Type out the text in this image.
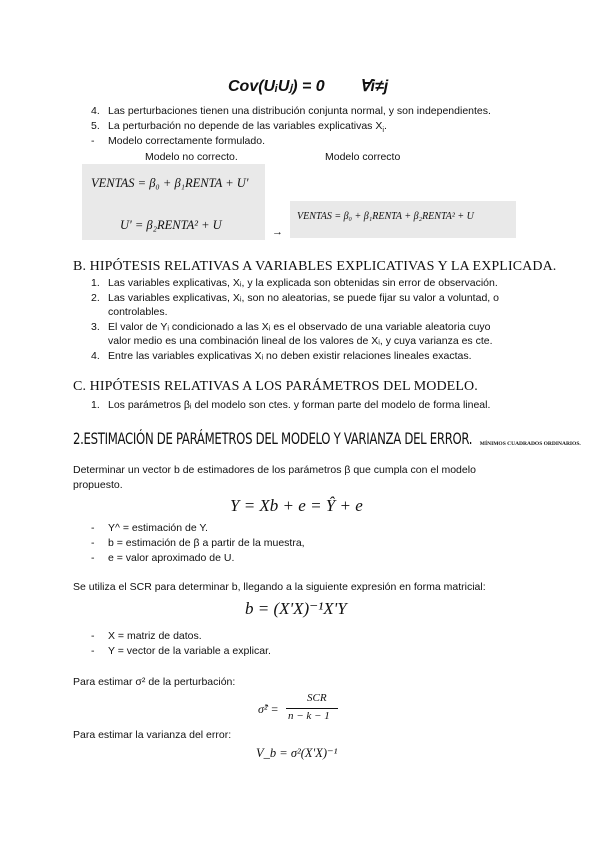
Cov(UᵢUⱼ) = 0 ∀i≠j
4. Las perturbaciones tienen una distribución conjunta normal, y son independientes.
5. La perturbación no depende de las variables explicativas $X_i$.
- Modelo correctamente formulado.
Modelo no correcto.	Modelo correcto
VENTAS = β₀ + β₁RENTA + U'
U' = β₂RENTA² + U	→
VENTAS = β₀ + β₁RENTA + β₂RENTA² + U
B. HIPÓTESIS RELATIVAS A VARIABLES EXPLICATIVAS Y LA EXPLICADA.
1. Las variables explicativas, Xᵢ, y la explicada son obtenidas sin error de observación.
2. Las variables explicativas, Xᵢ, son no aleatorias, se puede fijar su valor a voluntad, o
controlables.
3. El valor de Yᵢ condicionado a las Xᵢ es el observado de una variable aleatoria cuyo
valor medio es una combinación lineal de los valores de Xᵢ, y cuya varianza es cte.
4. Entre las variables explicativas Xᵢ no deben existir relaciones lineales exactas.
C. HIPÓTESIS RELATIVAS A LOS PARÁMETROS DEL MODELO.
1. Los parámetros βᵢ del modelo son ctes. y forman parte del modelo de forma lineal.
2.ESTIMACIÓN DE PARÁMETROS DEL MODELO Y VARIANZA DEL ERROR. MÍNIMOS CUADRADOS ORDINARIOS.
Determinar un vector b de estimadores de los parámetros β que cumpla con el modelo
propuesto.
Y = Xb + e = Ŷ + e
- Y^ = estimación de Y.
- b = estimación de β a partir de la muestra,
- e = valor aproximado de U.
Se utiliza el SCR para determinar b, llegando a la siguiente expresión en forma matricial:
b = (X'X)⁻¹X'Y
- X = matriz de datos.
- Y = vector de la variable a explicar.
Para estimar σ² de la perturbación:
σ̂² =
SCR
n − k − 1
Para estimar la varianza del error:
V_b = σ²(X'X)⁻¹
